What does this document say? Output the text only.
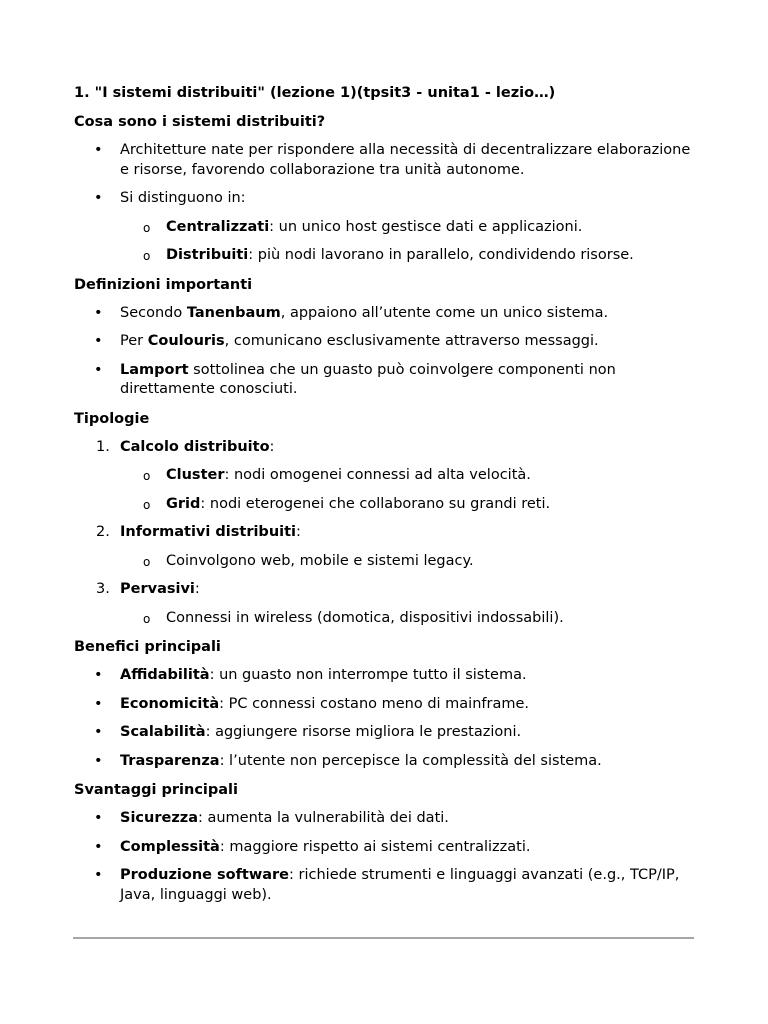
1. "I sistemi distribuiti" (lezione 1)(tpsit3 - unita1 - lezio…)
Cosa sono i sistemi distribuiti?
• Architetture nate per rispondere alla necessità di decentralizzare elaborazione e risorse, favorendo collaborazione tra unità autonome.
• Si distinguono in:
o Centralizzati: un unico host gestisce dati e applicazioni.
o Distribuiti: più nodi lavorano in parallelo, condividendo risorse.
Definizioni importanti
• Secondo Tanenbaum, appaiono all’utente come un unico sistema.
• Per Coulouris, comunicano esclusivamente attraverso messaggi.
• Lamport sottolinea che un guasto può coinvolgere componenti non direttamente conosciuti.
Tipologie
1. Calcolo distribuito:
o Cluster: nodi omogenei connessi ad alta velocità.
o Grid: nodi eterogenei che collaborano su grandi reti.
2. Informativi distribuiti:
o Coinvolgono web, mobile e sistemi legacy.
3. Pervasivi:
o Connessi in wireless (domotica, dispositivi indossabili).
Benefici principali
• Affidabilità: un guasto non interrompe tutto il sistema.
• Economicità: PC connessi costano meno di mainframe.
• Scalabilità: aggiungere risorse migliora le prestazioni.
• Trasparenza: l’utente non percepisce la complessità del sistema.
Svantaggi principali
• Sicurezza: aumenta la vulnerabilità dei dati.
• Complessità: maggiore rispetto ai sistemi centralizzati.
• Produzione software: richiede strumenti e linguaggi avanzati (e.g., TCP/IP, Java, linguaggi web).
